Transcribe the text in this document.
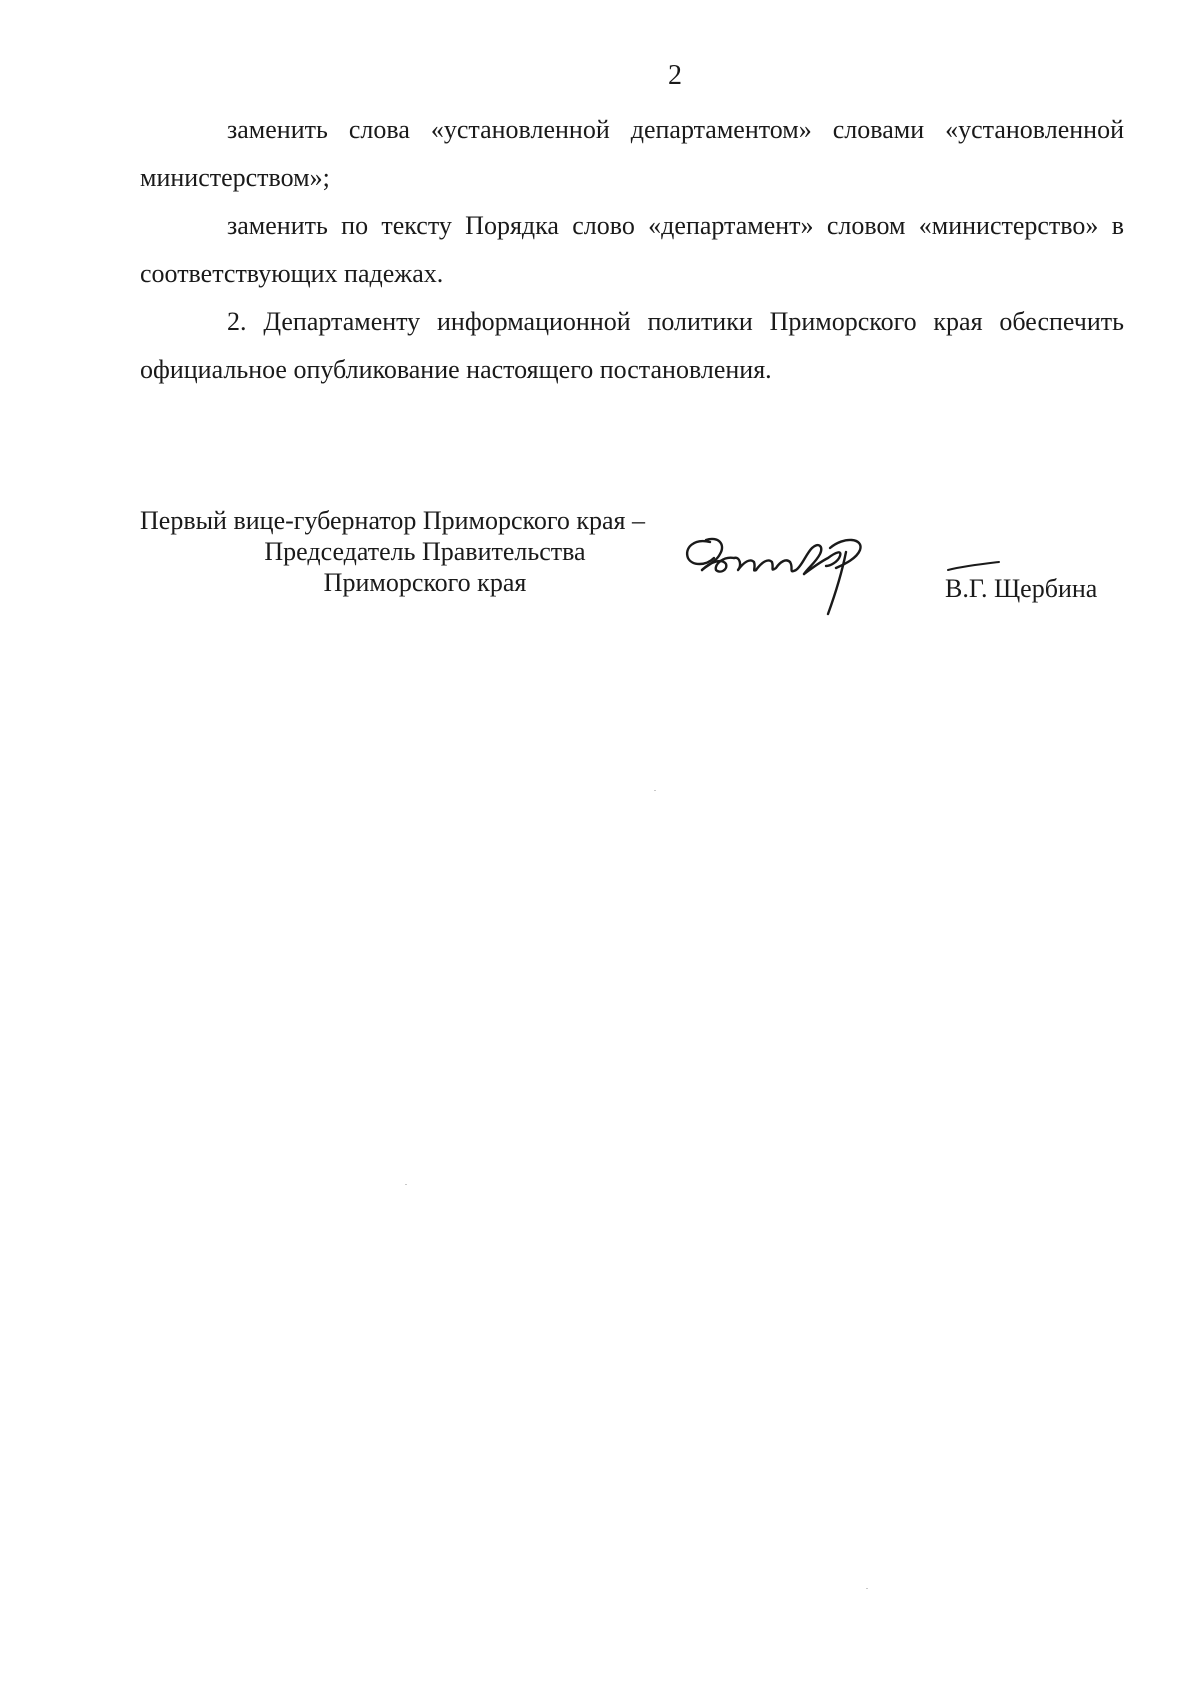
2

заменить слова «установленной департаментом» словами «установленной министерством»;

заменить по тексту Порядка слово «департамент» словом «министерство» в соответствующих падежах.

2. Департаменту информационной политики Приморского края обеспечить официальное опубликование настоящего постановления.

Первый вице-губернатор Приморского края –
Председатель Правительства
Приморского края	В.Г. Щербина
